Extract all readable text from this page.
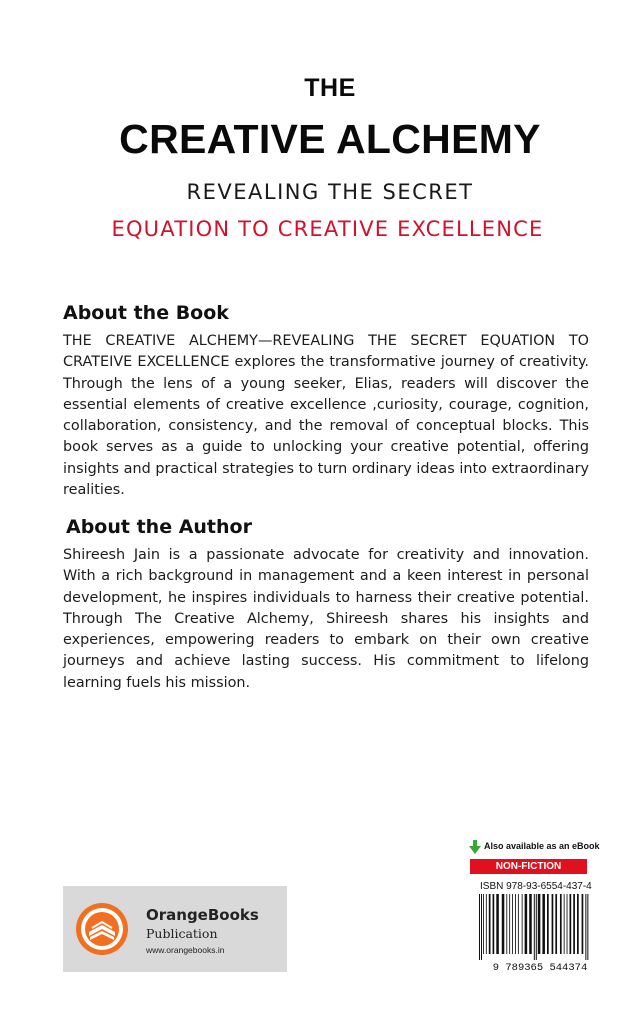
THE
CREATIVE ALCHEMY
REVEALING THE SECRET
EQUATION TO CREATIVE EXCELLENCE
About the Book
THE CREATIVE ALCHEMY—REVEALING THE SECRET EQUATION TO CRATEIVE EXCELLENCE explores the transformative journey of creativity. Through the lens of a young seeker, Elias, readers will discover the essential elements of creative excellence ,curiosity, courage, cognition, collaboration, consistency, and the removal of conceptual blocks. This book serves as a guide to unlocking your creative potential, offering insights and practical strategies to turn ordinary ideas into extraordinary realities.
About the Author
Shireesh Jain is a passionate advocate for creativity and innovation. With a rich background in management and a keen interest in personal development, he inspires individuals to harness their creative potential. Through The Creative Alchemy, Shireesh shares his insights and experiences, empowering readers to embark on their own creative journeys and achieve lasting success. His commitment to lifelong learning fuels his mission.
OrangeBooks
Publication
www.orangebooks.in
Also available as an eBook
NON-FICTION
ISBN 978-93-6554-437-4
9 789365 544374
